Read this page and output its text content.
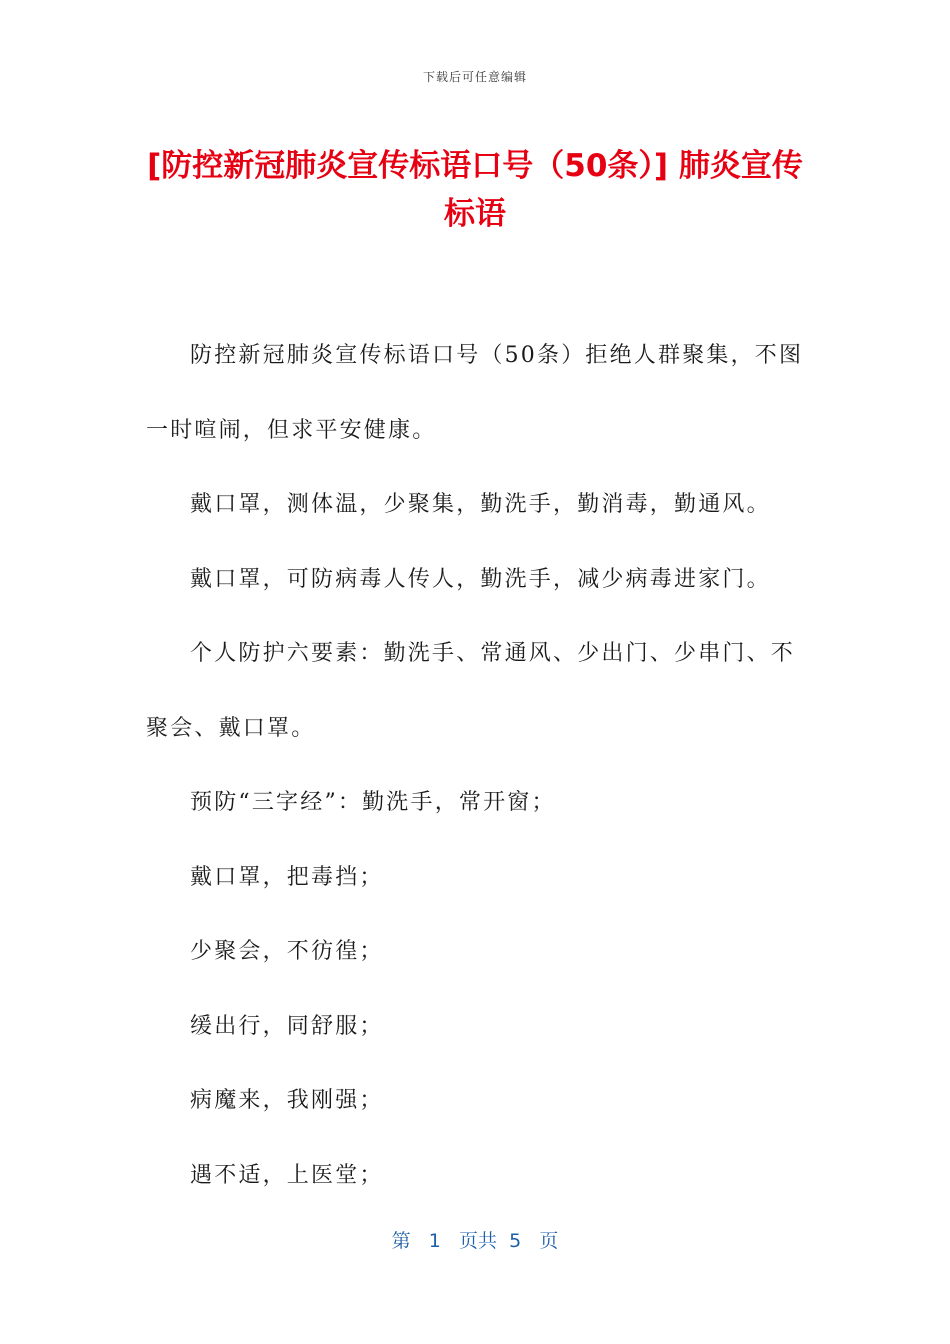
下载后可任意编辑
[防控新冠肺炎宣传标语口号（50条）] 肺炎宣传标语

防控新冠肺炎宣传标语口号（50条）拒绝人群聚集，不图一时喧闹，但求平安健康。

戴口罩，测体温，少聚集，勤洗手，勤消毒，勤通风。

戴口罩，可防病毒人传人，勤洗手，减少病毒进家门。

个人防护六要素：勤洗手、常通风、少出门、少串门、不聚会、戴口罩。

预防“三字经”：勤洗手，常开窗；

戴口罩，把毒挡；

少聚会，不彷徨；

缓出行，同舒服；

病魔来，我刚强；

遇不适，上医堂；

第 1 页共 5 页
